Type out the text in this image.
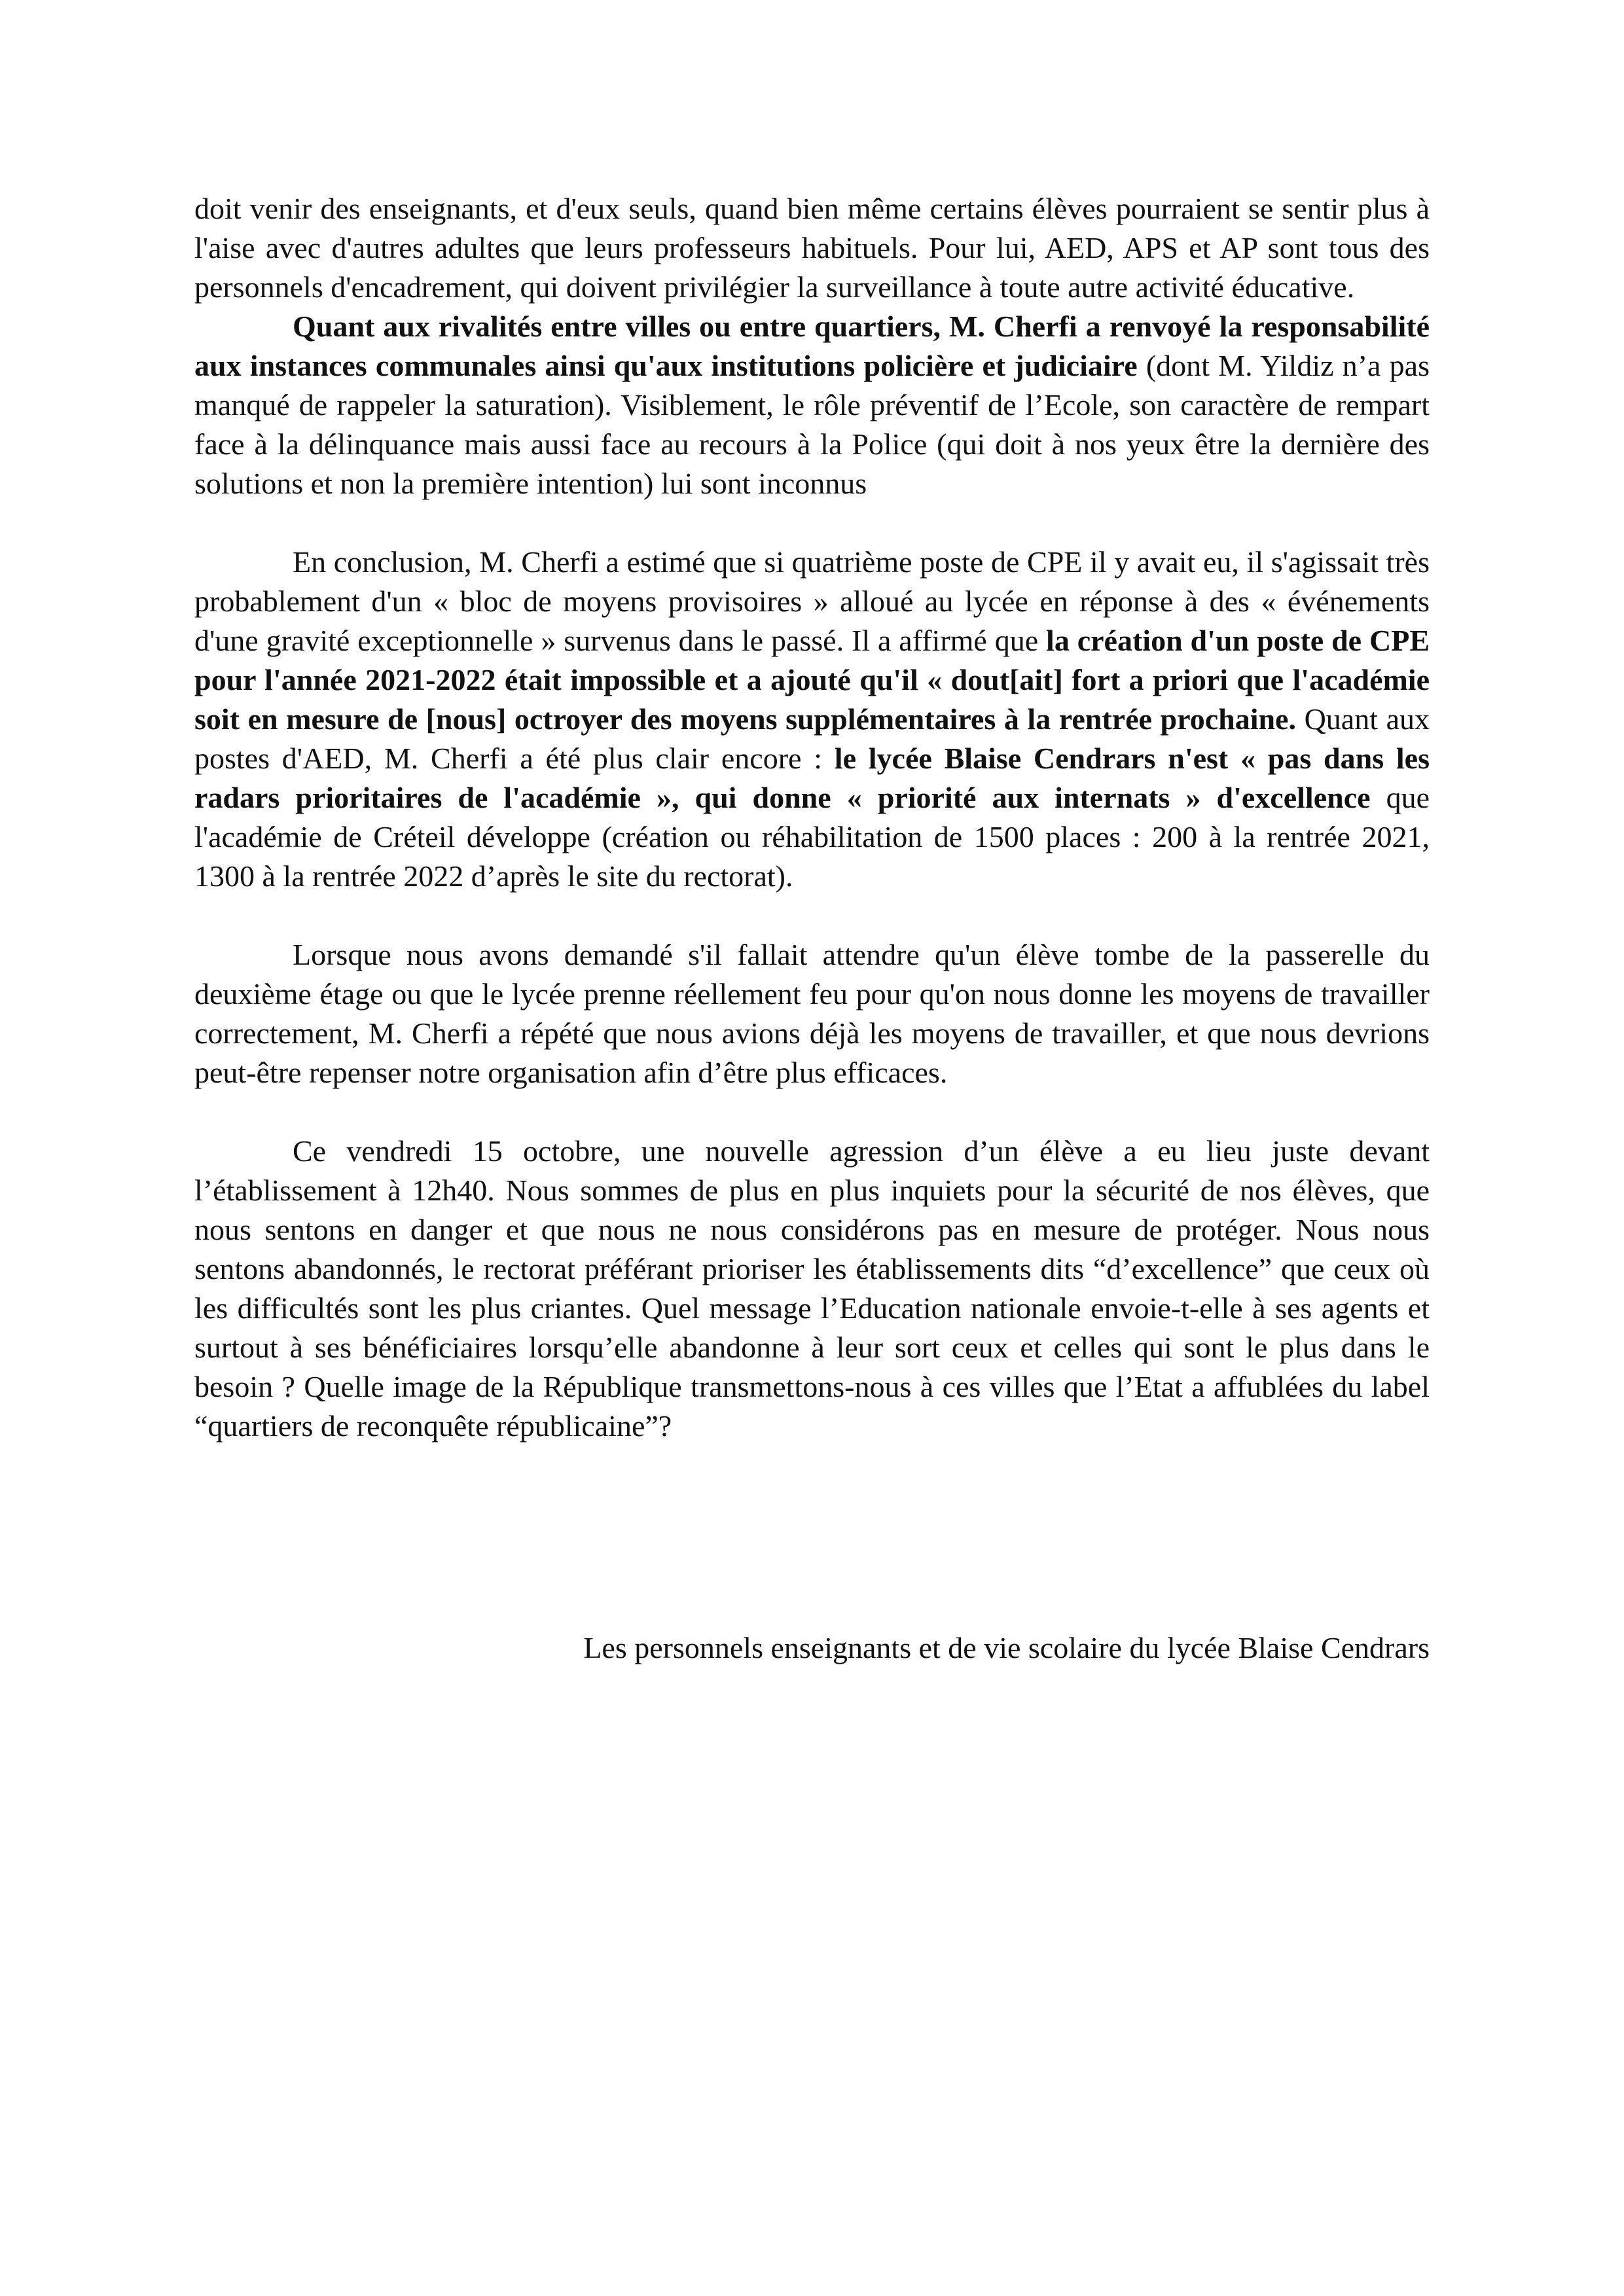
doit venir des enseignants, et d'eux seuls, quand bien même certains élèves pourraient se sentir plus à l'aise avec d'autres adultes que leurs professeurs habituels. Pour lui, AED, APS et AP sont tous des personnels d'encadrement, qui doivent privilégier la surveillance à toute autre activité éducative.

Quant aux rivalités entre villes ou entre quartiers, M. Cherfi a renvoyé la responsabilité aux instances communales ainsi qu'aux institutions policière et judiciaire (dont M. Yildiz n’a pas manqué de rappeler la saturation). Visiblement, le rôle préventif de l’Ecole, son caractère de rempart face à la délinquance mais aussi face au recours à la Police (qui doit à nos yeux être la dernière des solutions et non la première intention) lui sont inconnus

En conclusion, M. Cherfi a estimé que si quatrième poste de CPE il y avait eu, il s'agissait très probablement d'un « bloc de moyens provisoires » alloué au lycée en réponse à des « événements d'une gravité exceptionnelle » survenus dans le passé. Il a affirmé que la création d'un poste de CPE pour l'année 2021-2022 était impossible et a ajouté qu'il « dout[ait] fort a priori que l'académie soit en mesure de [nous] octroyer des moyens supplémentaires à la rentrée prochaine. Quant aux postes d'AED, M. Cherfi a été plus clair encore : le lycée Blaise Cendrars n'est « pas dans les radars prioritaires de l'académie », qui donne « priorité aux internats » d'excellence que l'académie de Créteil développe (création ou réhabilitation de 1500 places : 200 à la rentrée 2021, 1300 à la rentrée 2022 d’après le site du rectorat).

Lorsque nous avons demandé s'il fallait attendre qu'un élève tombe de la passerelle du deuxième étage ou que le lycée prenne réellement feu pour qu'on nous donne les moyens de travailler correctement, M. Cherfi a répété que nous avions déjà les moyens de travailler, et que nous devrions peut-être repenser notre organisation afin d’être plus efficaces.

Ce vendredi 15 octobre, une nouvelle agression d’un élève a eu lieu juste devant l’établissement à 12h40. Nous sommes de plus en plus inquiets pour la sécurité de nos élèves, que nous sentons en danger et que nous ne nous considérons pas en mesure de protéger. Nous nous sentons abandonnés, le rectorat préférant prioriser les établissements dits “d’excellence” que ceux où les difficultés sont les plus criantes. Quel message l’Education nationale envoie-t-elle à ses agents et surtout à ses bénéficiaires lorsqu’elle abandonne à leur sort ceux et celles qui sont le plus dans le besoin ? Quelle image de la République transmettons-nous à ces villes que l’Etat a affublées du label “quartiers de reconquête républicaine”?

Les personnels enseignants et de vie scolaire du lycée Blaise Cendrars
